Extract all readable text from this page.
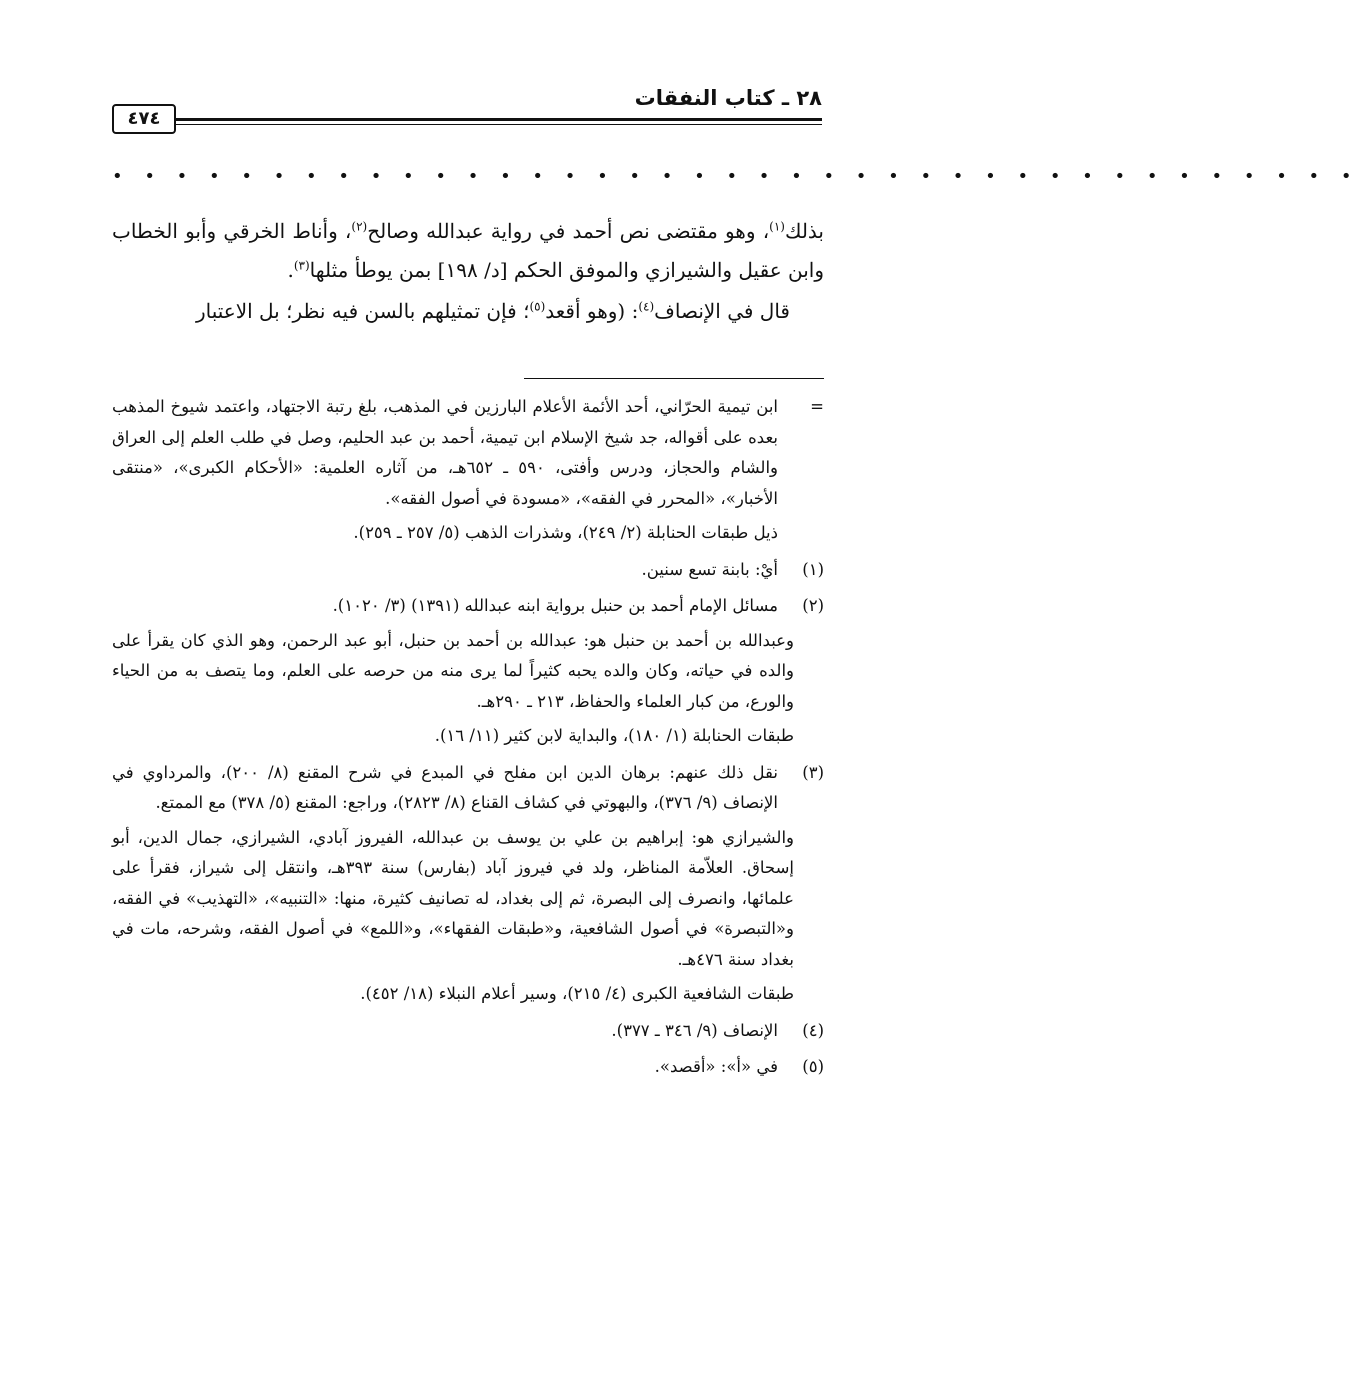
٢٨ ـ كتاب النفقات
٤٧٤
• • • • • • • • • • • • • • • • • • • • • • • • • • • • • • • • • • • • • • •

بذلك$^{(١)}$، وهو مقتضى نص أحمد في رواية عبدالله وصالح$^{(٢)}$، وأناط الخرقي وأبو الخطاب وابن عقيل والشيرازي والموفق الحكم [د/ ١٩٨] بمن يوطأ مثلها$^{(٣)}$.

قال في الإنصاف$^{(٤)}$: (وهو أقعد$^{(٥)}$؛ فإن تمثيلهم بالسن فيه نظر؛ بل الاعتبار

=

ابن تيمية الحرّاني، أحد الأئمة الأعلام البارزين في المذهب، بلغ رتبة الاجتهاد، واعتمد شيوخ المذهب بعده على أقواله، جد شيخ الإسلام ابن تيمية، أحمد بن عبد الحليم، وصل في طلب العلم إلى العراق والشام والحجاز، ودرس وأفتى، ٥٩٠ ـ ٦٥٢هـ، من آثاره العلمية: «الأحكام الكبرى»، «منتقى الأخبار»، «المحرر في الفقه»، «مسودة في أصول الفقه».

ذيل طبقات الحنابلة (٢/ ٢٤٩)، وشذرات الذهب (٥/ ٢٥٧ ـ ٢٥٩).

(١)

أيْ: بابنة تسع سنين.

(٢)

مسائل الإمام أحمد بن حنبل برواية ابنه عبدالله (١٣٩١) (٣/ ١٠٢٠).

وعبدالله بن أحمد بن حنبل هو: عبدالله بن أحمد بن حنبل، أبو عبد الرحمن، وهو الذي كان يقرأ على والده في حياته، وكان والده يحبه كثيراً لما يرى منه من حرصه على العلم، وما يتصف به من الحياء والورع، من كبار العلماء والحفاظ، ٢١٣ ـ ٢٩٠هـ.

طبقات الحنابلة (١/ ١٨٠)، والبداية لابن كثير (١١/ ١٦).

(٣)

نقل ذلك عنهم: برهان الدين ابن مفلح في المبدع في شرح المقنع (٨/ ٢٠٠)، والمرداوي في الإنصاف (٩/ ٣٧٦)، والبهوتي في كشاف القناع (٨/ ٢٨٢٣)، وراجع: المقنع (٥/ ٣٧٨) مع الممتع.

والشيرازي هو: إبراهيم بن علي بن يوسف بن عبدالله، الفيروز آبادي، الشيرازي، جمال الدين، أبو إسحاق. العلاّمة المناظر، ولد في فيروز آباد (بفارس) سنة ٣٩٣هـ، وانتقل إلى شيراز، فقرأ على علمائها، وانصرف إلى البصرة، ثم إلى بغداد، له تصانيف كثيرة، منها: «التنبيه»، «التهذيب» في الفقه، و«التبصرة» في أصول الشافعية، و«طبقات الفقهاء»، و«اللمع» في أصول الفقه، وشرحه، مات في بغداد سنة ٤٧٦هـ.

طبقات الشافعية الكبرى (٤/ ٢١٥)، وسير أعلام النبلاء (١٨/ ٤٥٢).

(٤)

الإنصاف (٩/ ٣٤٦ ـ ٣٧٧).

(٥)

في «أ»: «أقصد».
